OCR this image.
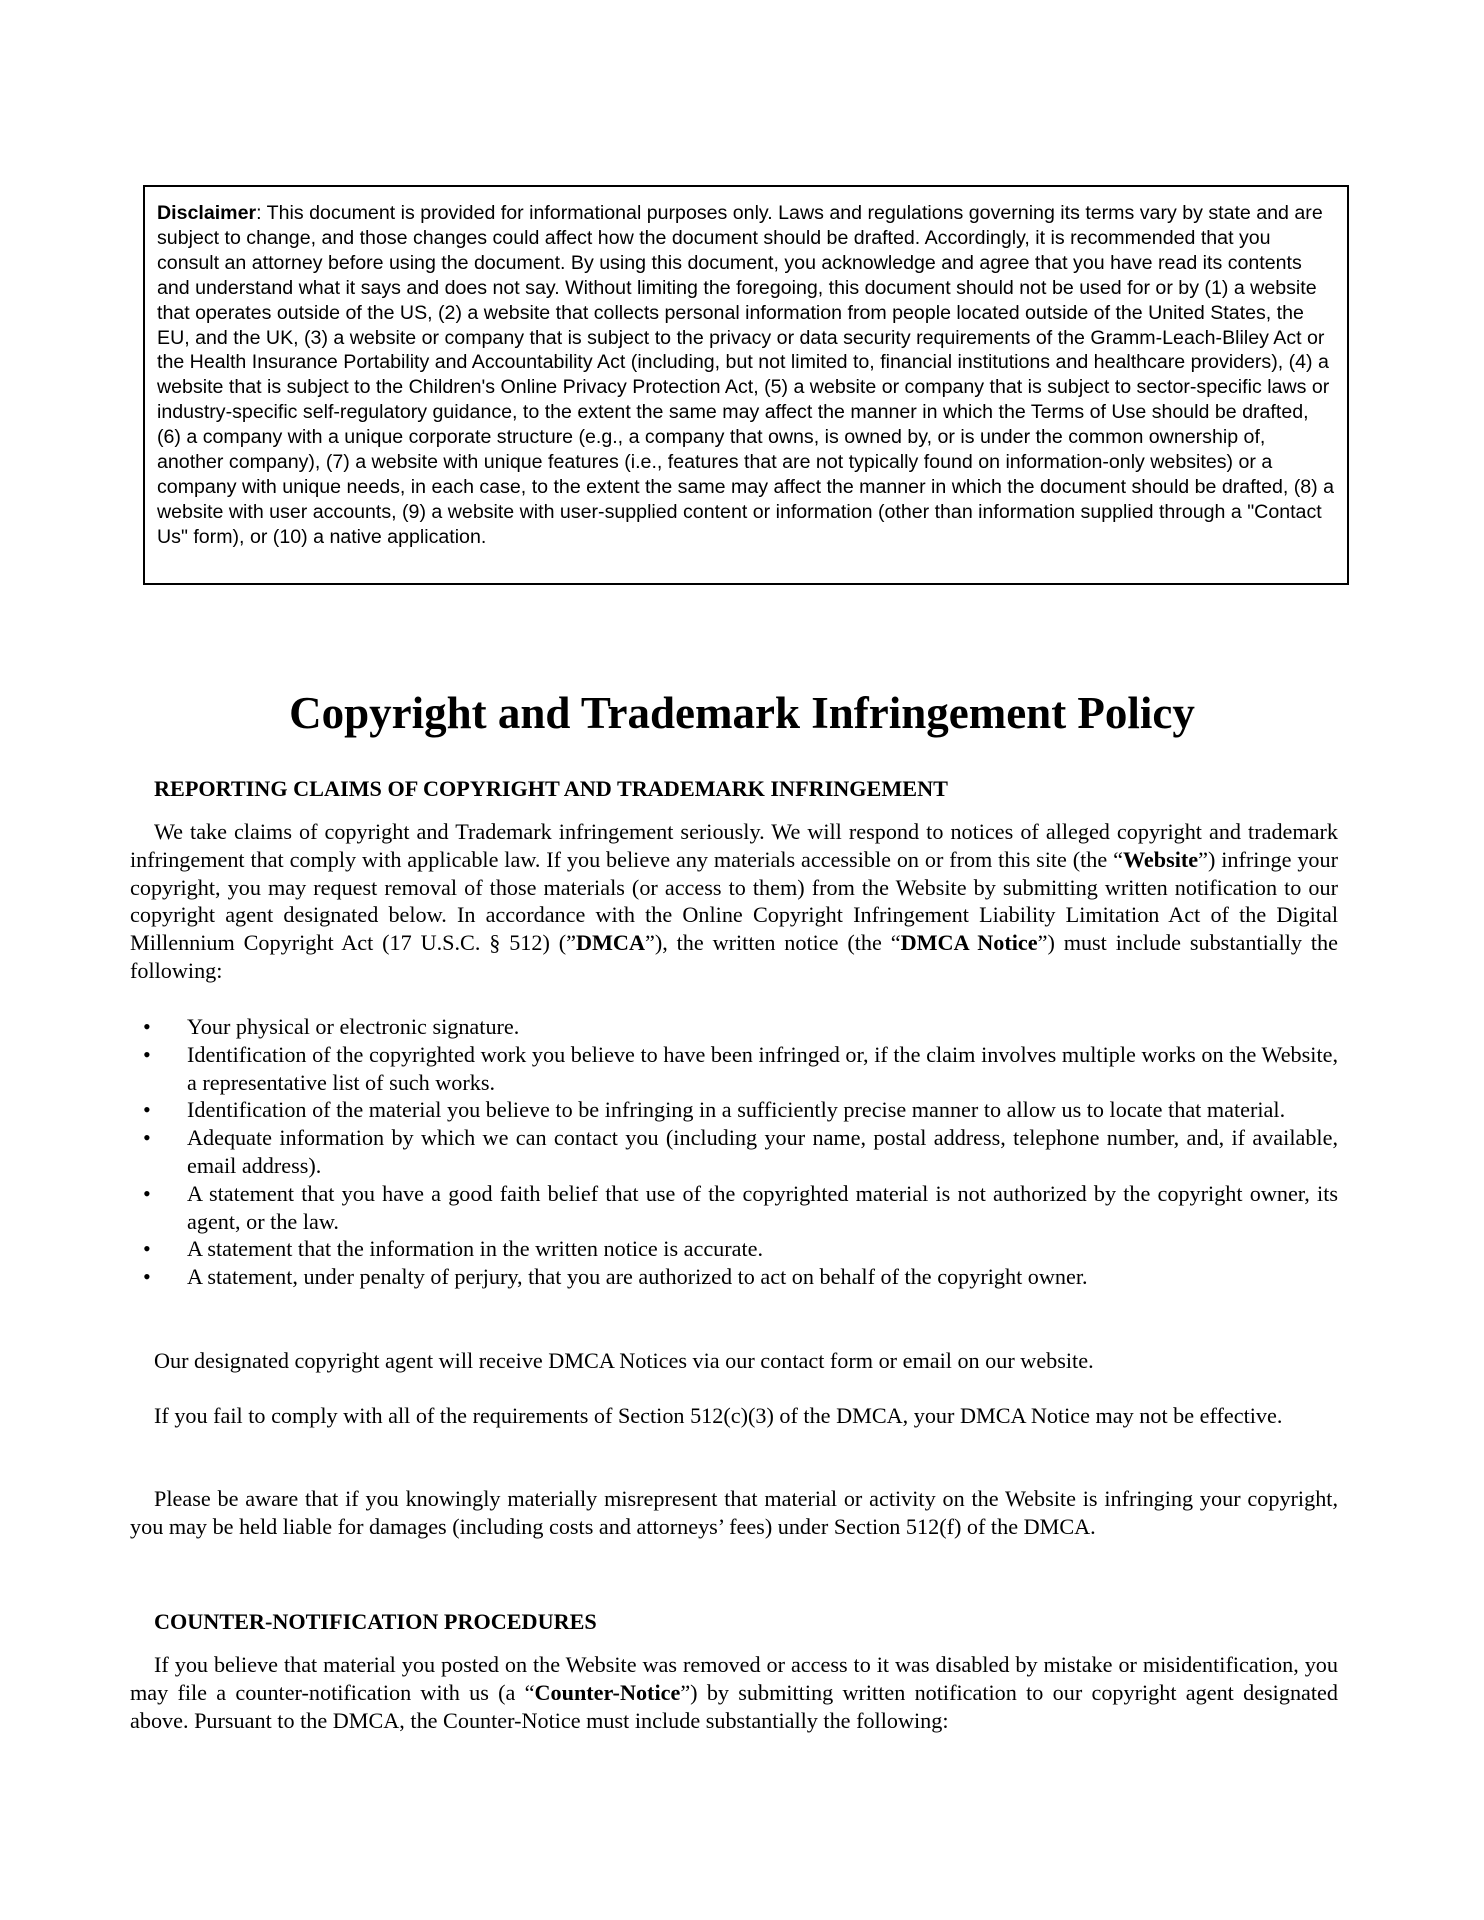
Disclaimer: This document is provided for informational purposes only. Laws and regulations governing its terms vary by state and are subject to change, and those changes could affect how the document should be drafted. Accordingly, it is recommended that you consult an attorney before using the document. By using this document, you acknowledge and agree that you have read its contents and understand what it says and does not say. Without limiting the foregoing, this document should not be used for or by (1) a website that operates outside of the US, (2) a website that collects personal information from people located outside of the United States, the EU, and the UK, (3) a website or company that is subject to the privacy or data security requirements of the Gramm-Leach-Bliley Act or the Health Insurance Portability and Accountability Act (including, but not limited to, financial institutions and healthcare providers), (4) a website that is subject to the Children's Online Privacy Protection Act, (5) a website or company that is subject to sector-specific laws or industry-specific self-regulatory guidance, to the extent the same may affect the manner in which the Terms of Use should be drafted, (6) a company with a unique corporate structure (e.g., a company that owns, is owned by, or is under the common ownership of, another company), (7) a website with unique features (i.e., features that are not typically found on information-only websites) or a company with unique needs, in each case, to the extent the same may affect the manner in which the document should be drafted, (8) a website with user accounts, (9) a website with user-supplied content or information (other than information supplied through a "Contact Us" form), or (10) a native application.
Copyright and Trademark Infringement Policy
REPORTING CLAIMS OF COPYRIGHT AND TRADEMARK INFRINGEMENT

We take claims of copyright and Trademark infringement seriously. We will respond to notices of alleged copyright and trademark infringement that comply with applicable law. If you believe any materials accessible on or from this site (the “Website”) infringe your copyright, you may request removal of those materials (or access to them) from the Website by submitting written notification to our copyright agent designated below. In accordance with the Online Copyright Infringement Liability Limitation Act of the Digital Millennium Copyright Act (17 U.S.C. § 512) (”DMCA”), the written notice (the “DMCA Notice”) must include substantially the following:

• Your physical or electronic signature.
• Identification of the copyrighted work you believe to have been infringed or, if the claim involves multiple works on the Website, a representative list of such works.
• Identification of the material you believe to be infringing in a sufficiently precise manner to allow us to locate that material.
• Adequate information by which we can contact you (including your name, postal address, telephone number, and, if available, email address).
• A statement that you have a good faith belief that use of the copyrighted material is not authorized by the copyright owner, its agent, or the law.
• A statement that the information in the written notice is accurate.
• A statement, under penalty of perjury, that you are authorized to act on behalf of the copyright owner.

Our designated copyright agent will receive DMCA Notices via our contact form or email on our website.

If you fail to comply with all of the requirements of Section 512(c)(3) of the DMCA, your DMCA Notice may not be effective.

Please be aware that if you knowingly materially misrepresent that material or activity on the Website is infringing your copyright, you may be held liable for damages (including costs and attorneys’ fees) under Section 512(f) of the DMCA.

COUNTER-NOTIFICATION PROCEDURES

If you believe that material you posted on the Website was removed or access to it was disabled by mistake or misidentification, you may file a counter-notification with us (a “Counter-Notice”) by submitting written notification to our copyright agent designated above. Pursuant to the DMCA, the Counter-Notice must include substantially the following:
